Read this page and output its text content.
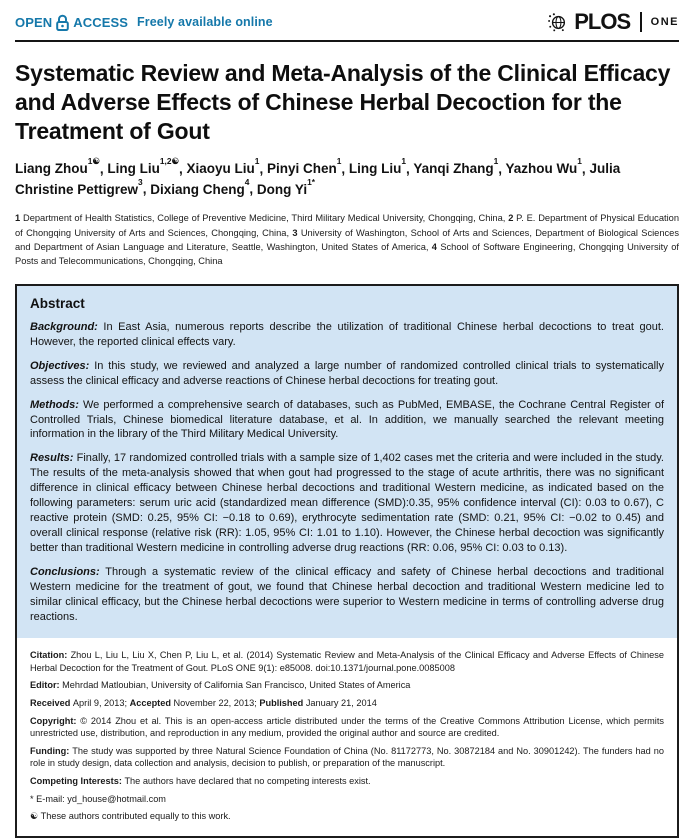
OPEN ACCESS Freely available online	PLOS ONE
Systematic Review and Meta-Analysis of the Clinical Efficacy and Adverse Effects of Chinese Herbal Decoction for the Treatment of Gout

Liang Zhou$^{1☯}$, Ling Liu$^{1,2☯}$, Xiaoyu Liu$^1$, Pinyi Chen$^1$, Ling Liu$^1$, Yanqi Zhang$^1$, Yazhou Wu$^1$, Julia Christine Pettigrew$^3$, Dixiang Cheng$^4$, Dong $Yi^{1*}$

1 Department of Health Statistics, College of Preventive Medicine, Third Military Medical University, Chongqing, China, 2 P. E. Department of Physical Education of Chongqing University of Arts and Sciences, Chongqing, China, 3 University of Washington, School of Arts and Sciences, Department of Biological Sciences and Department of Asian Language and Literature, Seattle, Washington, United States of America, 4 School of Software Engineering, Chongqing University of Posts and Telecommunications, Chongqing, China

Abstract

Background: In East Asia, numerous reports describe the utilization of traditional Chinese herbal decoctions to treat gout. However, the reported clinical effects vary.

Objectives: In this study, we reviewed and analyzed a large number of randomized controlled clinical trials to systematically assess the clinical efficacy and adverse reactions of Chinese herbal decoctions for treating gout.

Methods: We performed a comprehensive search of databases, such as PubMed, EMBASE, the Cochrane Central Register of Controlled Trials, Chinese biomedical literature database, et al. In addition, we manually searched the relevant meeting information in the library of the Third Military Medical University.

Results: Finally, 17 randomized controlled trials with a sample size of 1,402 cases met the criteria and were included in the study. The results of the meta-analysis showed that when gout had progressed to the stage of acute arthritis, there was no significant difference in clinical efficacy between Chinese herbal decoctions and traditional Western medicine, as indicated based on the following parameters: serum uric acid (standardized mean difference (SMD):0.35, 95% confidence interval (CI): 0.03 to 0.67), C reactive protein (SMD: 0.25, 95% CI: −0.18 to 0.69), erythrocyte sedimentation rate (SMD: 0.21, 95% CI: −0.02 to 0.45) and overall clinical response (relative risk (RR): 1.05, 95% CI: 1.01 to 1.10). However, the Chinese herbal decoction was significantly better than traditional Western medicine in controlling adverse drug reactions (RR: 0.06, 95% CI: 0.03 to 0.13).

Conclusions: Through a systematic review of the clinical efficacy and safety of Chinese herbal decoctions and traditional Western medicine for the treatment of gout, we found that Chinese herbal decoction and traditional Western medicine led to similar clinical efficacy, but the Chinese herbal decoctions were superior to Western medicine in terms of controlling adverse drug reactions.

Citation: Zhou L, Liu L, Liu X, Chen P, Liu L, et al. (2014) Systematic Review and Meta-Analysis of the Clinical Efficacy and Adverse Effects of Chinese Herbal Decoction for the Treatment of Gout. PLoS ONE 9(1): e85008. doi:10.1371/journal.pone.0085008

Editor: Mehrdad Matloubian, University of California San Francisco, United States of America

Received April 9, 2013; Accepted November 22, 2013; Published January 21, 2014

Copyright: © 2014 Zhou et al. This is an open-access article distributed under the terms of the Creative Commons Attribution License, which permits unrestricted use, distribution, and reproduction in any medium, provided the original author and source are credited.

Funding: The study was supported by three Natural Science Foundation of China (No. 81172773, No. 30872184 and No. 30901242). The funders had no role in study design, data collection and analysis, decision to publish, or preparation of the manuscript.

Competing Interests: The authors have declared that no competing interests exist.

* E-mail: yd_house@hotmail.com

☯ These authors contributed equally to this work.
